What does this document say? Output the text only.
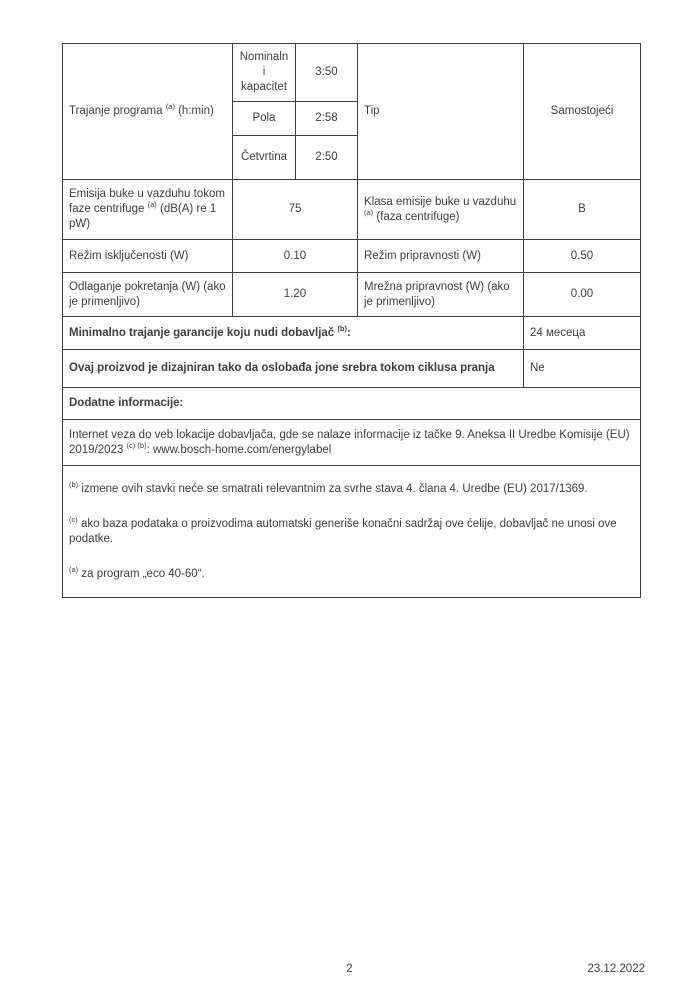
Trajanje programa $^{(a)}$ (h:min)	Nominalni kapacitet	3:50	Tip	Samostojeći
	Pola	2:58		
	Četvrtina	2:50		
Emisija buke u vazduhu tokom faze centrifuge $^{(a)}$ (dB(A) re 1 pW)	75		Klasa emisije buke u vazduhu $^{(a)}$ (faza centrifuge)	B
Režim isključenosti (W)	0.10		Režim pripravnosti (W)	0.50
Odlaganje pokretanja (W) (ako je primenljivo)	1.20		Mrežna pripravnost (W) (ako je primenljivo)	0.00
Minimalno trajanje garancije koju nudi dobavljač $^{(b)}$:				24 месеца
Ovaj proizvod je dizajniran tako da oslobađa jone srebra tokom ciklusa pranja				Ne
Dodatne informacije:				
Internet veza do veb lokacije dobavljača, gde se nalaze informacije iz tačke 9. Aneksa II Uredbe Komisije (EU) 2019/2023 $^{(c) (b)}$: www.bosch-home.com/energylabel				

$^{(b)}$ izmene ovih stavki neće se smatrati relevantnim za svrhe stava 4. člana 4. Uredbe (EU) 2017/1369.

$^{(c)}$ ako baza podataka o proizvodima automatski generiše konačni sadržaj ove ćelije, dobavljač ne unosi ove podatke.

$^{(a)}$ za program „eco 40-60“.				

2	23.12.2022
